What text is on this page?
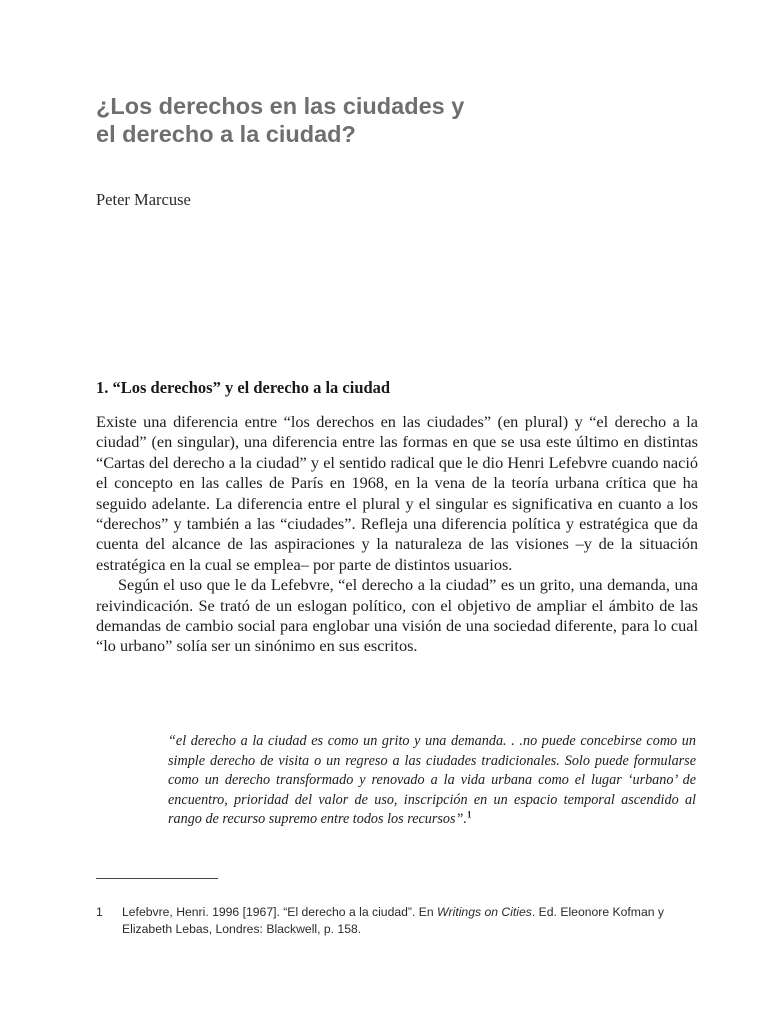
¿Los derechos en las ciudades y
el derecho a la ciudad?

Peter Marcuse

1. “Los derechos” y el derecho a la ciudad

Existe una diferencia entre “los derechos en las ciudades” (en plural) y “el derecho a la ciudad” (en singular), una diferencia entre las formas en que se usa este último en distintas “Cartas del derecho a la ciudad” y el sentido radical que le dio Henri Lefebvre cuando nació el concepto en las calles de París en 1968, en la vena de la teoría urbana crítica que ha seguido adelante. La diferencia entre el plural y el singular es significativa en cuanto a los “derechos” y también a las “ciudades”. Refleja una diferencia política y estratégica que da cuenta del alcance de las aspiraciones y la naturaleza de las visiones –y de la situación estratégica en la cual se emplea– por parte de distintos usuarios.

Según el uso que le da Lefebvre, “el derecho a la ciudad” es un grito, una demanda, una reivindicación. Se trató de un eslogan político, con el objetivo de ampliar el ámbito de las demandas de cambio social para englobar una visión de una sociedad diferente, para lo cual “lo urbano” solía ser un sinónimo en sus escritos.

“el derecho a la ciudad es como un grito y una demanda. . .no puede concebirse como un simple derecho de visita o un regreso a las ciudades tradicionales. Solo puede formularse como un derecho transformado y renovado a la vida urbana como el lugar ‘urbano’ de encuentro, prioridad del valor de uso, inscripción en un espacio temporal ascendido al rango de recurso supremo entre todos los recursos”.$^1$

1 Lefebvre, Henri. 1996 [1967]. “El derecho a la ciudad”. En Writings on Cities. Ed. Eleonore Kofman y Elizabeth Lebas, Londres: Blackwell, p. 158.
